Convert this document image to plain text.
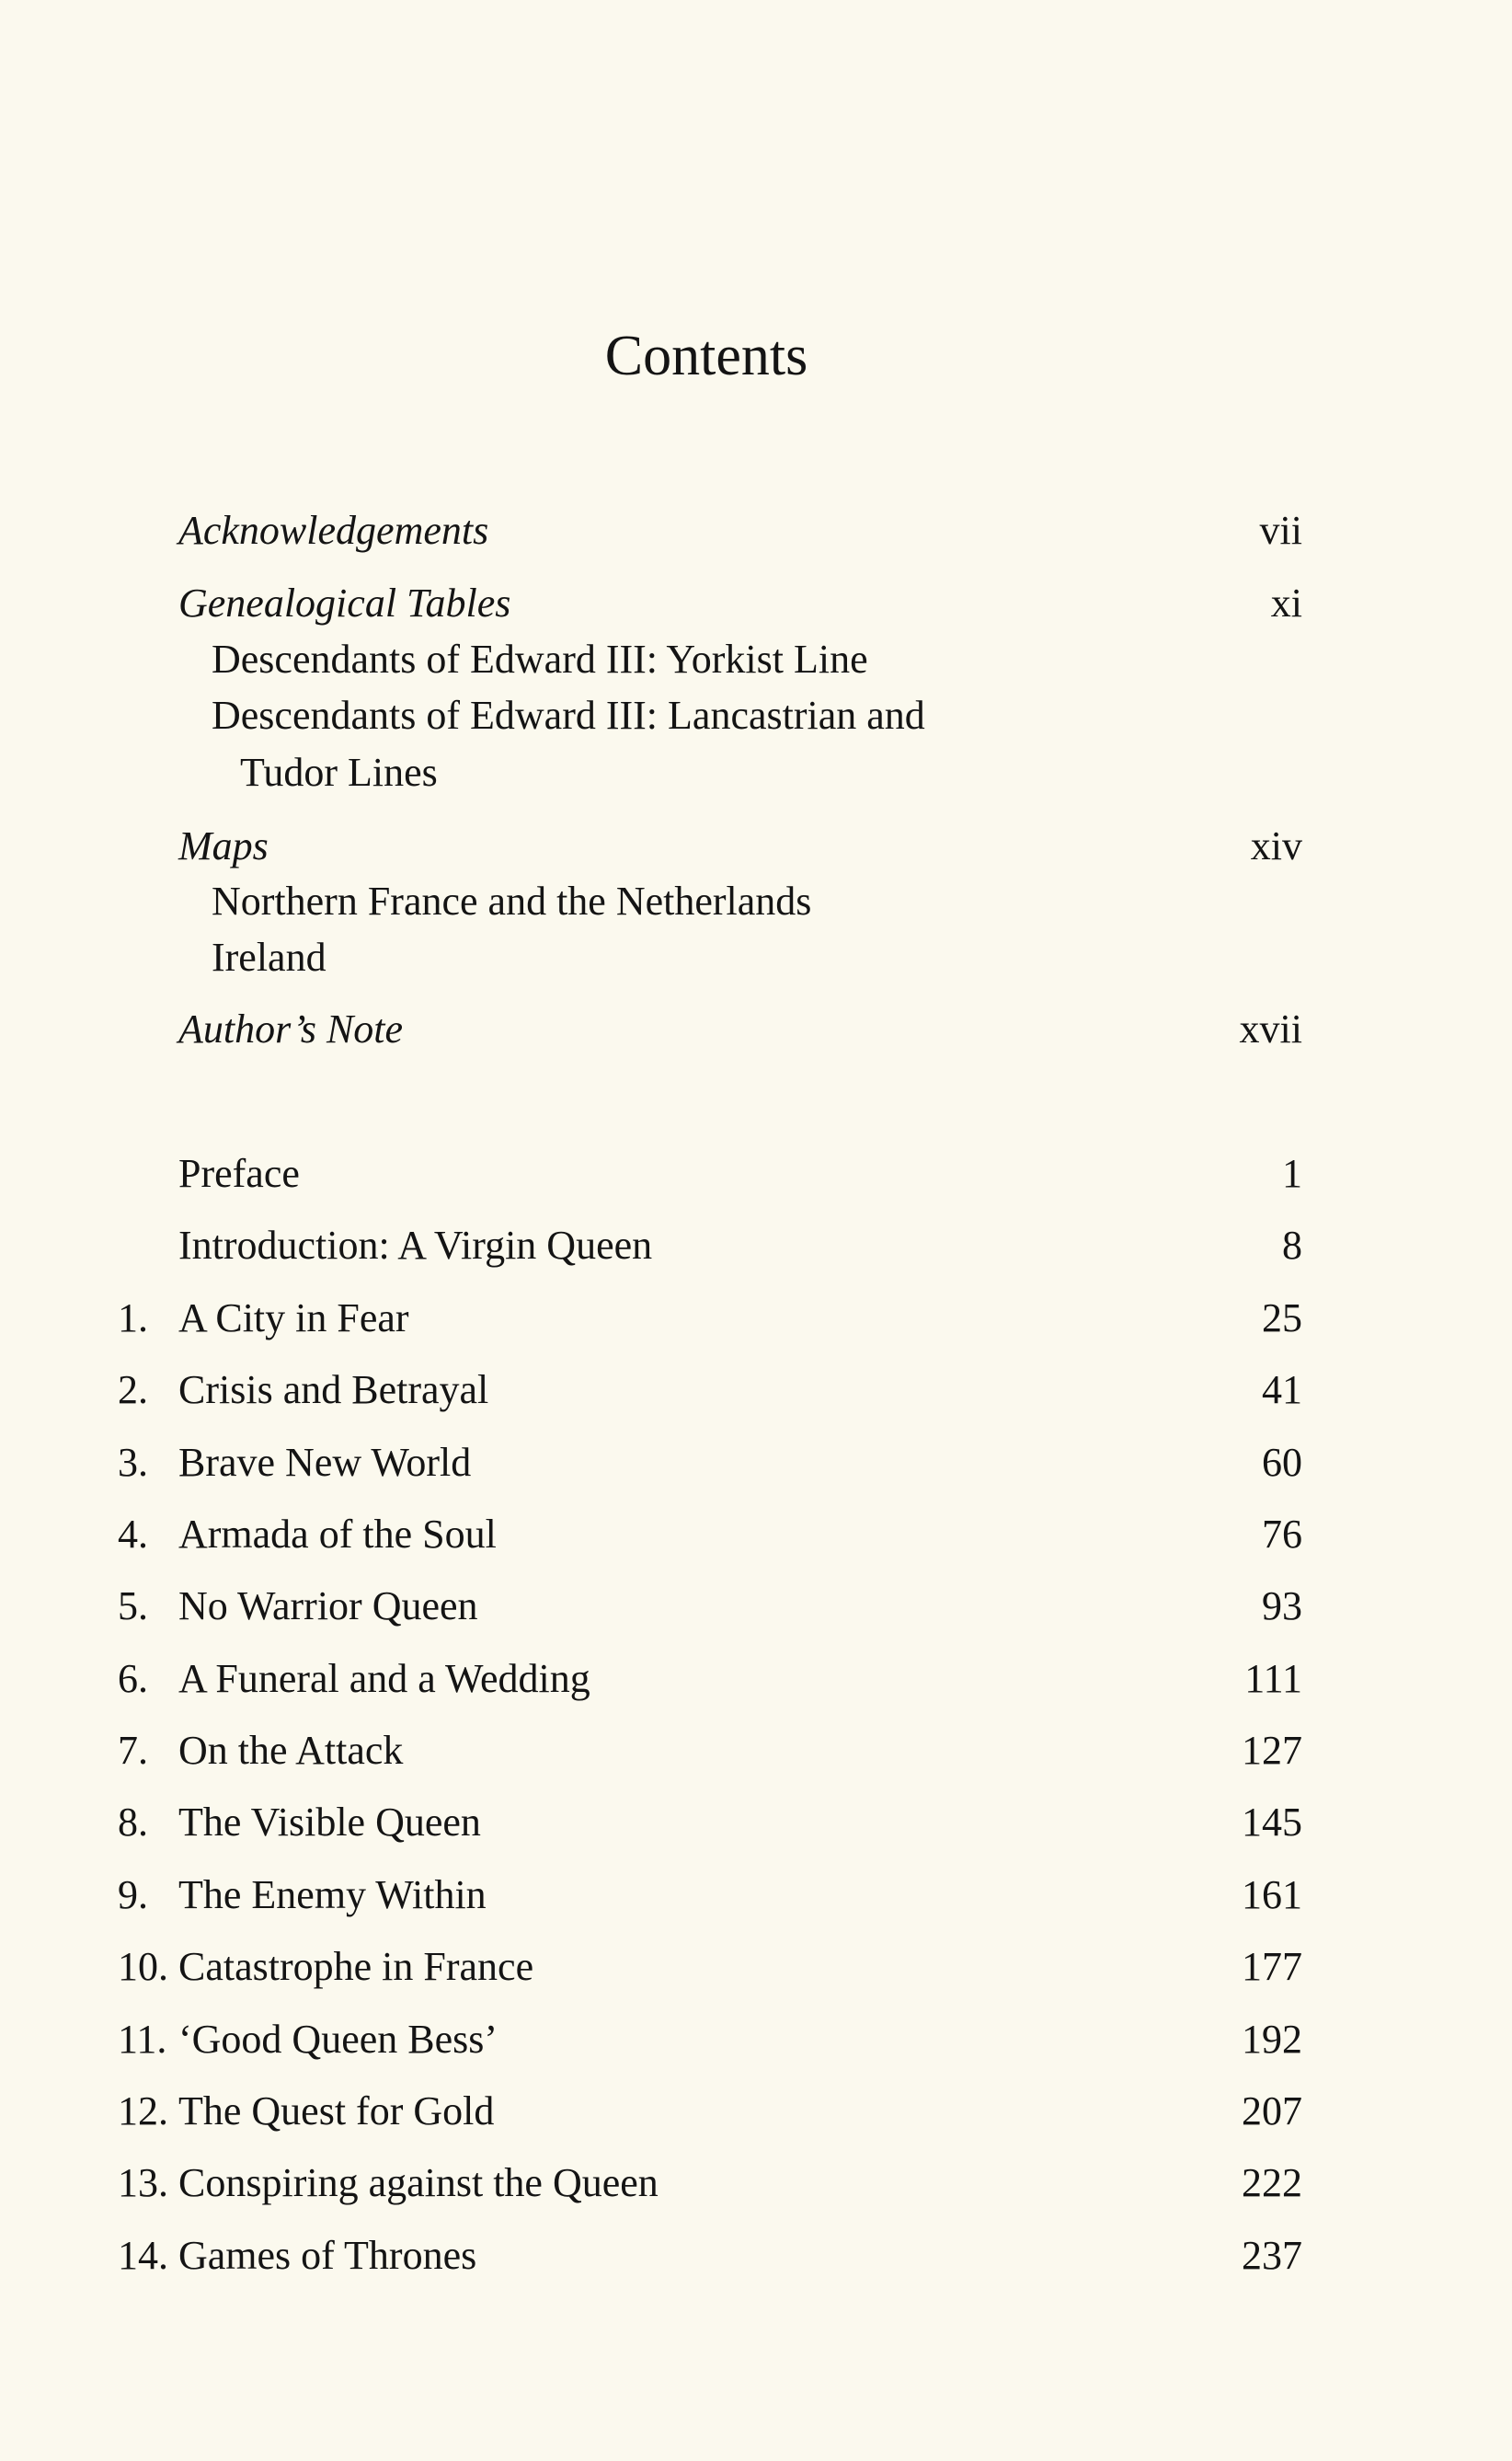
Contents
Acknowledgements	vii
Genealogical Tables	xi
Descendants of Edward III: Yorkist Line
Descendants of Edward III: Lancastrian and
Tudor Lines
Maps	xiv
Northern France and the Netherlands
Ireland
Author’s Note	xvii
Preface	1
Introduction: A Virgin Queen	8
1. A City in Fear	25
2. Crisis and Betrayal	41
3. Brave New World	60
4. Armada of the Soul	76
5. No Warrior Queen	93
6. A Funeral and a Wedding	111
7. On the Attack	127
8. The Visible Queen	145
9. The Enemy Within	161
10. Catastrophe in France	177
11. ‘Good Queen Bess’	192
12. The Quest for Gold	207
13. Conspiring against the Queen	222
14. Games of Thrones	237
